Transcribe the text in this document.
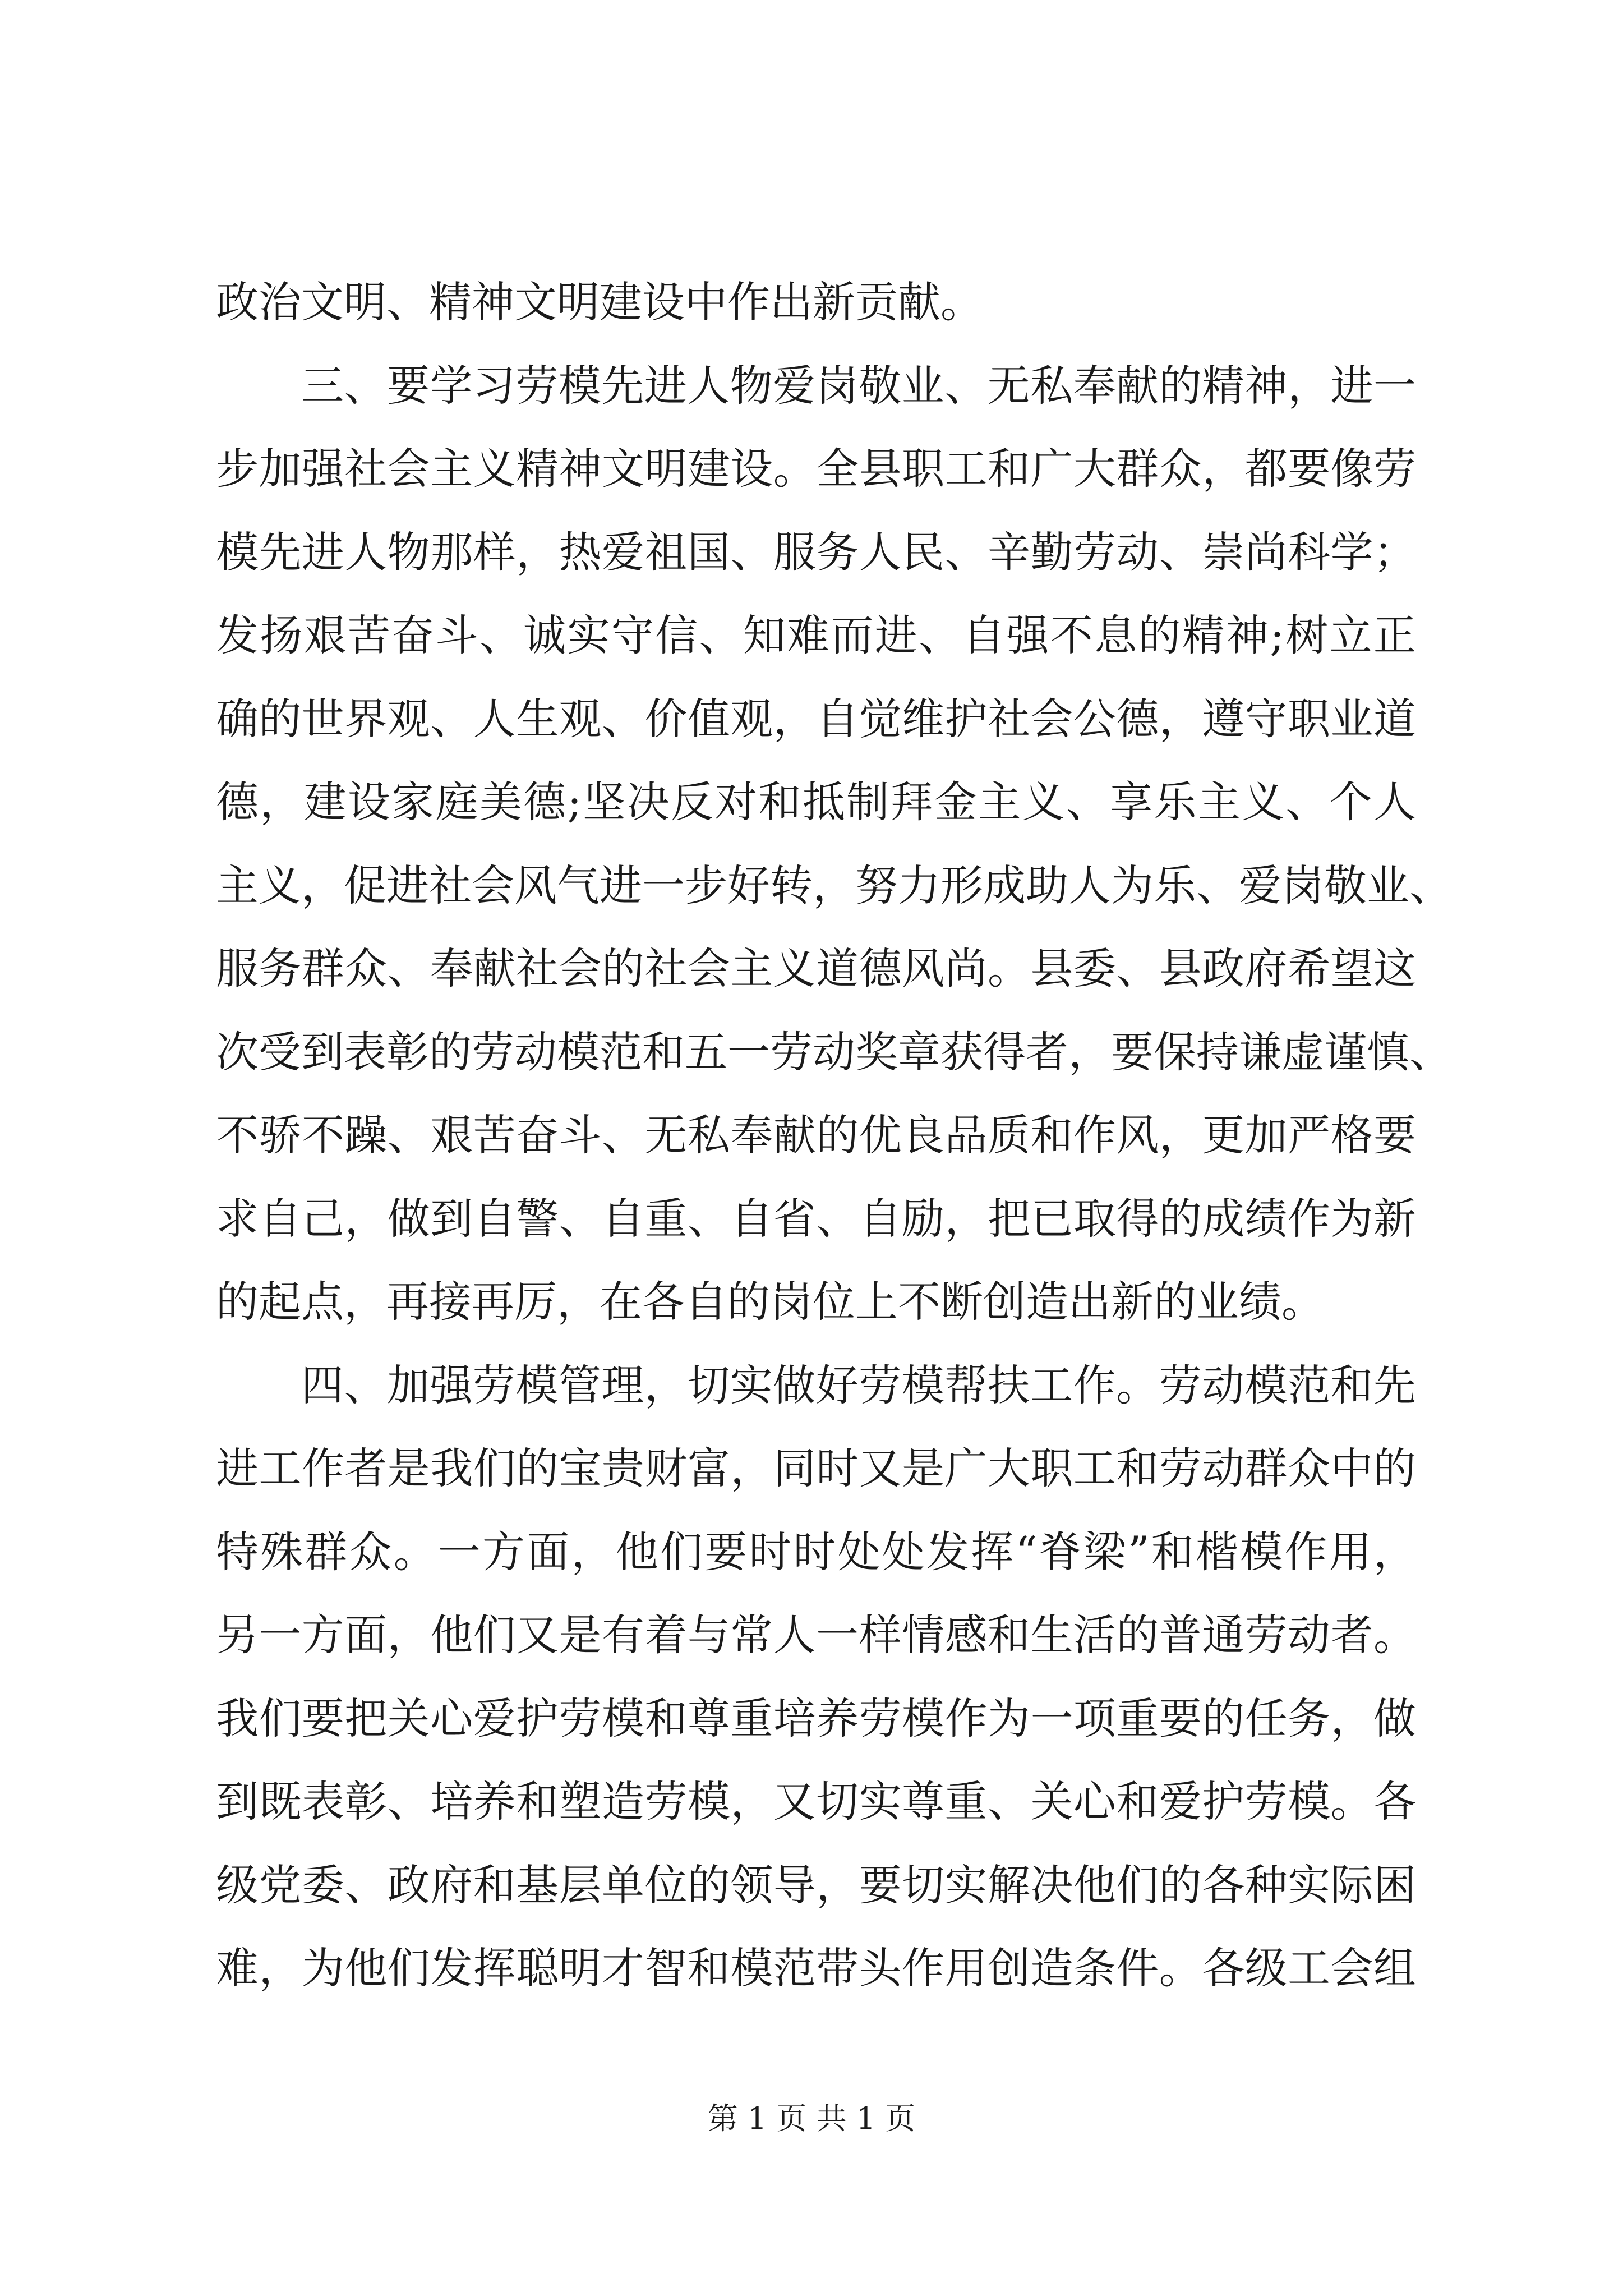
政治文明、精神文明建设中作出新贡献。
三、要学习劳模先进人物爱岗敬业、无私奉献的精神，进一
步加强社会主义精神文明建设。全县职工和广大群众，都要像劳
模先进人物那样，热爱祖国、服务人民、辛勤劳动、崇尚科学；
发扬艰苦奋斗、诚实守信、知难而进、自强不息的精神;树立正
确的世界观、人生观、价值观，自觉维护社会公德，遵守职业道
德，建设家庭美德;坚决反对和抵制拜金主义、享乐主义、个人
主义，促进社会风气进一步好转，努力形成助人为乐、爱岗敬业、
服务群众、奉献社会的社会主义道德风尚。县委、县政府希望这
次受到表彰的劳动模范和五一劳动奖章获得者，要保持谦虚谨慎、
不骄不躁、艰苦奋斗、无私奉献的优良品质和作风，更加严格要
求自己，做到自警、自重、自省、自励，把已取得的成绩作为新
的起点，再接再厉，在各自的岗位上不断创造出新的业绩。
四、加强劳模管理，切实做好劳模帮扶工作。劳动模范和先
进工作者是我们的宝贵财富，同时又是广大职工和劳动群众中的
特殊群众。一方面，他们要时时处处发挥“脊梁”和楷模作用，
另一方面，他们又是有着与常人一样情感和生活的普通劳动者。
我们要把关心爱护劳模和尊重培养劳模作为一项重要的任务，做
到既表彰、培养和塑造劳模，又切实尊重、关心和爱护劳模。各
级党委、政府和基层单位的领导，要切实解决他们的各种实际困
难，为他们发挥聪明才智和模范带头作用创造条件。各级工会组
第 1 页 共 1 页
